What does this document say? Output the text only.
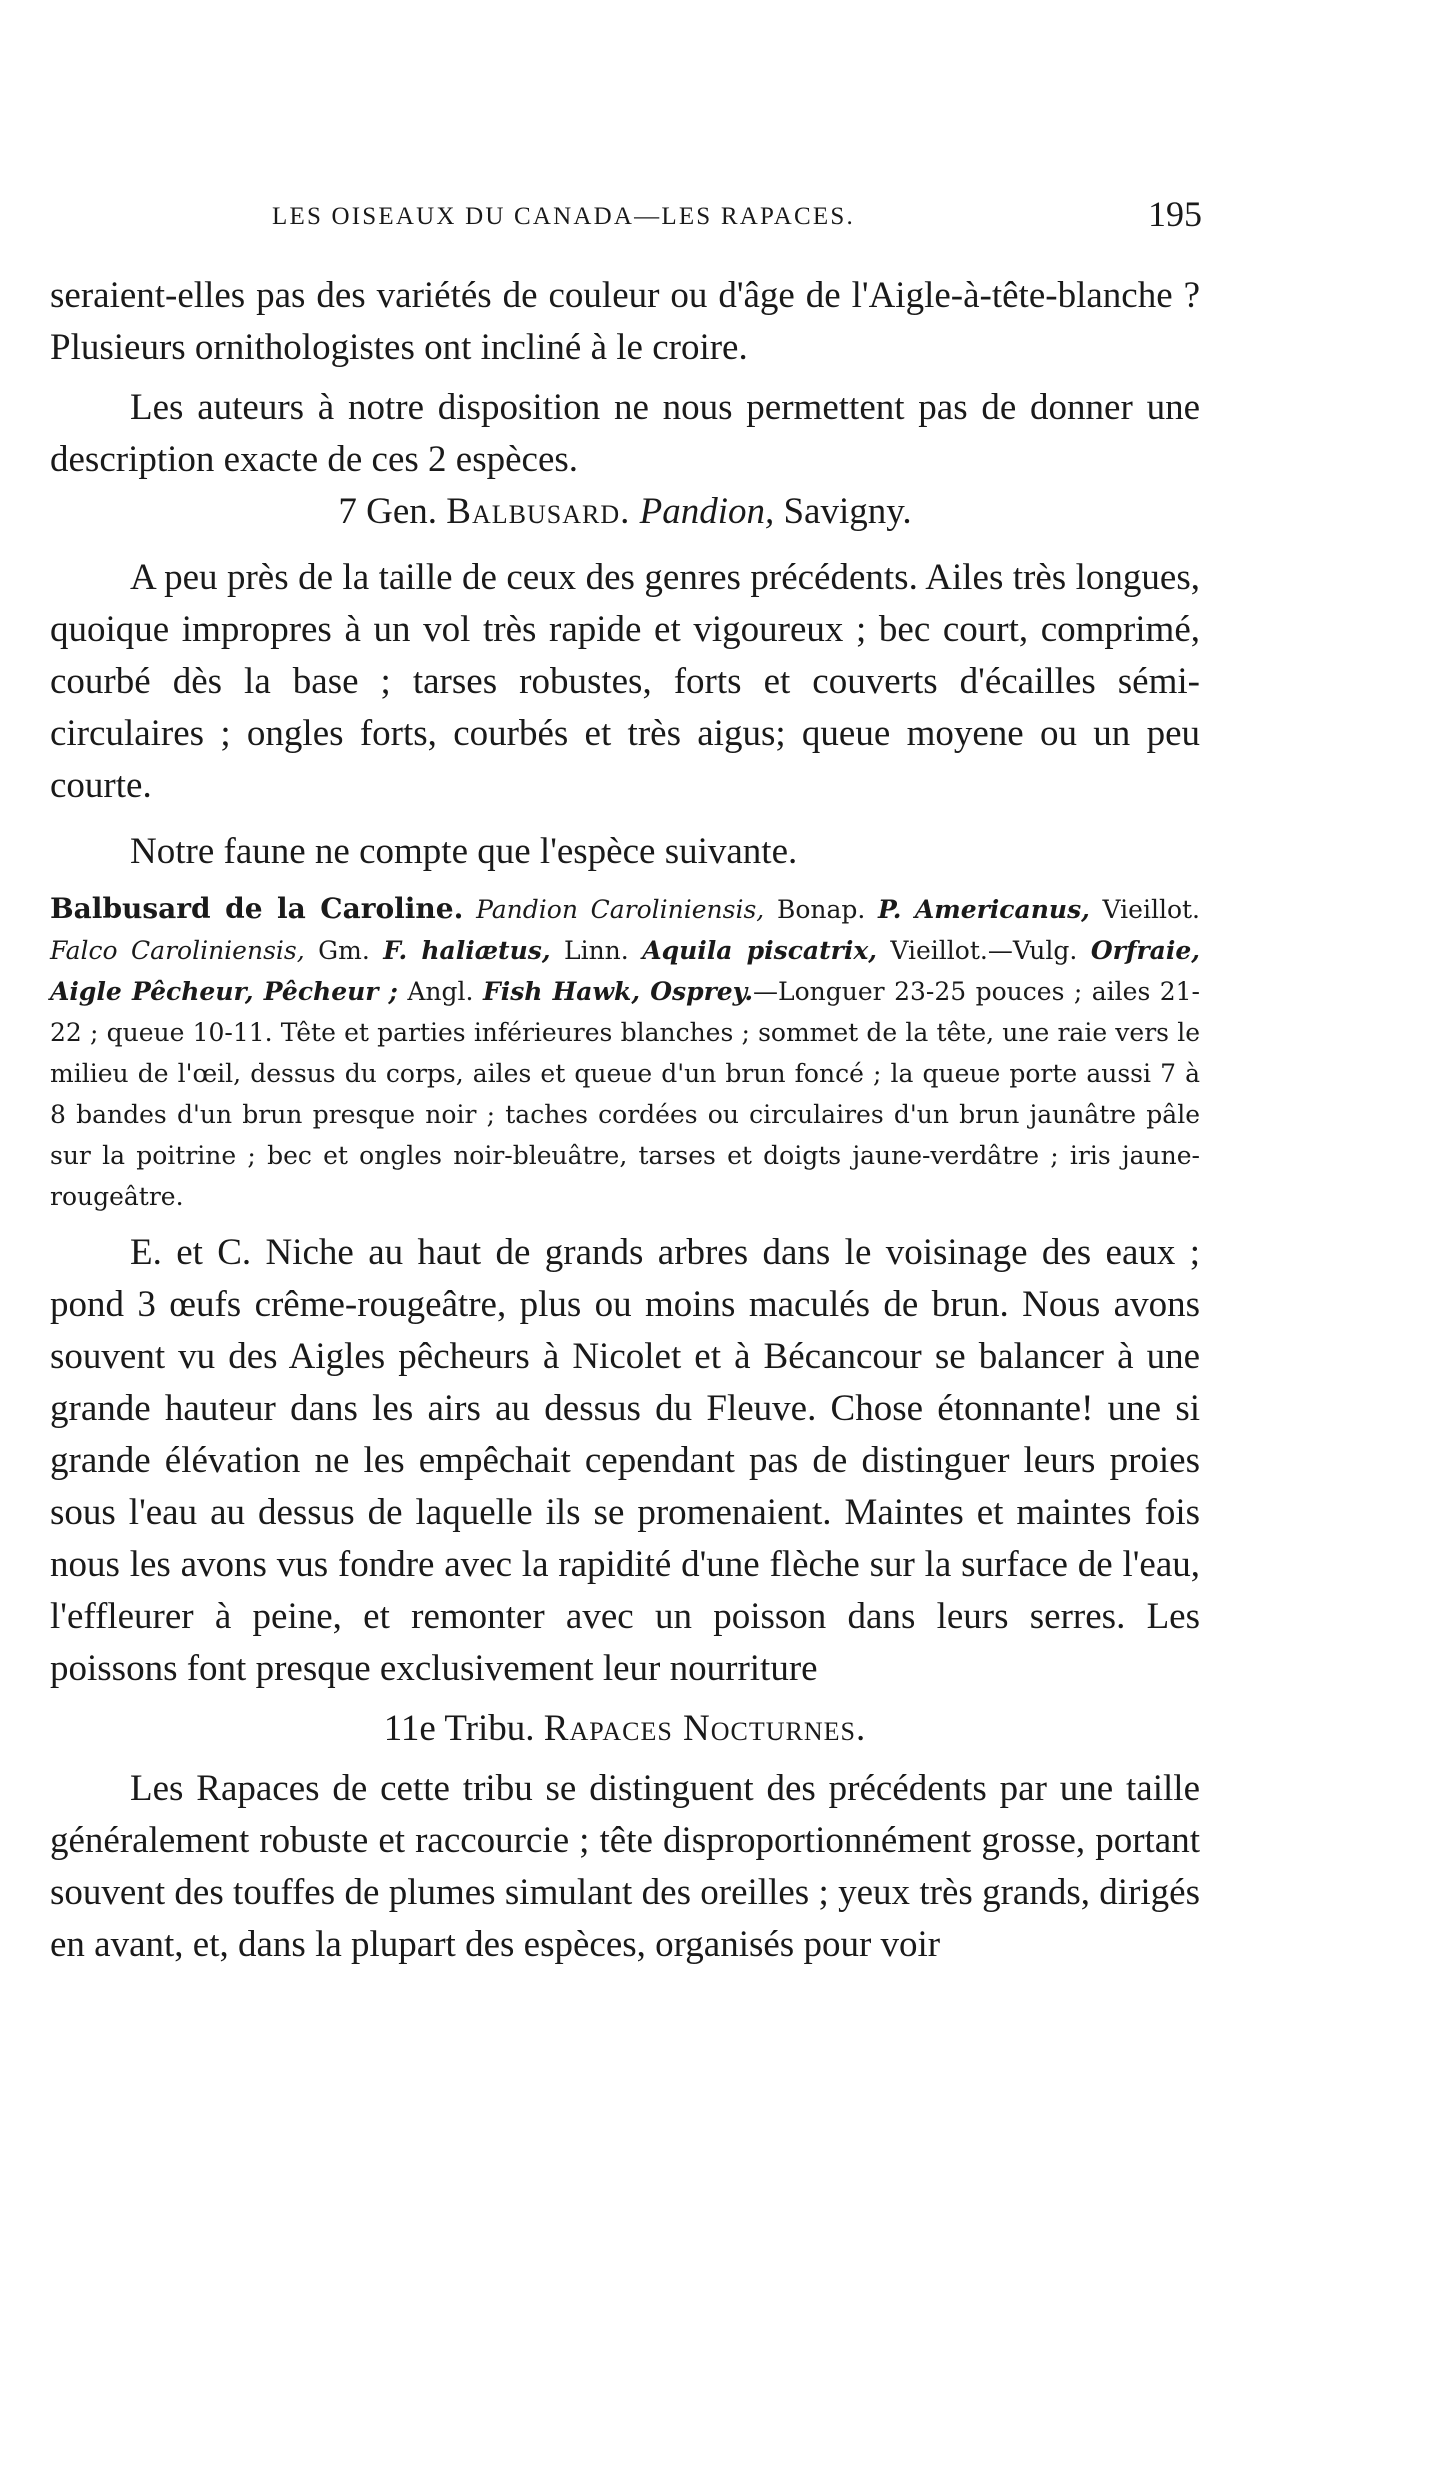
LES OISEAUX DU CANADA—LES RAPACES.	195

seraient-elles pas des variétés de couleur ou d'âge de l'Aigle-à-tête-blanche ? Plusieurs ornithologistes ont incliné à le croire.

Les auteurs à notre disposition ne nous permettent pas de donner une description exacte de ces 2 espèces.

7 Gen. Balbusard. Pandion, Savigny.

A peu près de la taille de ceux des genres précédents. Ailes très longues, quoique impropres à un vol très rapide et vigoureux ; bec court, comprimé, courbé dès la base ; tarses robustes, forts et couverts d'écailles sémi-circulaires ; ongles forts, courbés et très aigus; queue moyene ou un peu courte.

Notre faune ne compte que l'espèce suivante.

Balbusard de la Caroline. Pandion Caroliniensis, Bonap. P. Americanus, Vieillot. Falco Caroliniensis, Gm. F. haliætus, Linn. Aquila piscatrix, Vieillot.—Vulg. Orfraie, Aigle Pêcheur, Pêcheur ; Angl. Fish Hawk, Osprey.—Longuer 23-25 pouces ; ailes 21-22 ; queue 10-11. Tête et parties inférieures blanches ; sommet de la tête, une raie vers le milieu de l'œil, dessus du corps, ailes et queue d'un brun foncé ; la queue porte aussi 7 à 8 bandes d'un brun presque noir ; taches cordées ou circulaires d'un brun jaunâtre pâle sur la poitrine ; bec et ongles noir-bleuâtre, tarses et doigts jaune-verdâtre ; iris jaune-rougeâtre.

E. et C. Niche au haut de grands arbres dans le voisinage des eaux ; pond 3 œufs crême-rougeâtre, plus ou moins maculés de brun. Nous avons souvent vu des Aigles pêcheurs à Nicolet et à Bécancour se balancer à une grande hauteur dans les airs au dessus du Fleuve. Chose étonnante! une si grande élévation ne les empêchait cependant pas de distinguer leurs proies sous l'eau au dessus de laquelle ils se promenaient. Maintes et maintes fois nous les avons vus fondre avec la rapidité d'une flèche sur la surface de l'eau, l'effleurer à peine, et remonter avec un poisson dans leurs serres. Les poissons font presque exclusivement leur nourriture

11e Tribu. Rapaces Nocturnes.

Les Rapaces de cette tribu se distinguent des précédents par une taille généralement robuste et raccourcie ; tête disproportionnément grosse, portant souvent des touffes de plumes simulant des oreilles ; yeux très grands, dirigés en avant, et, dans la plupart des espèces, organisés pour voir
